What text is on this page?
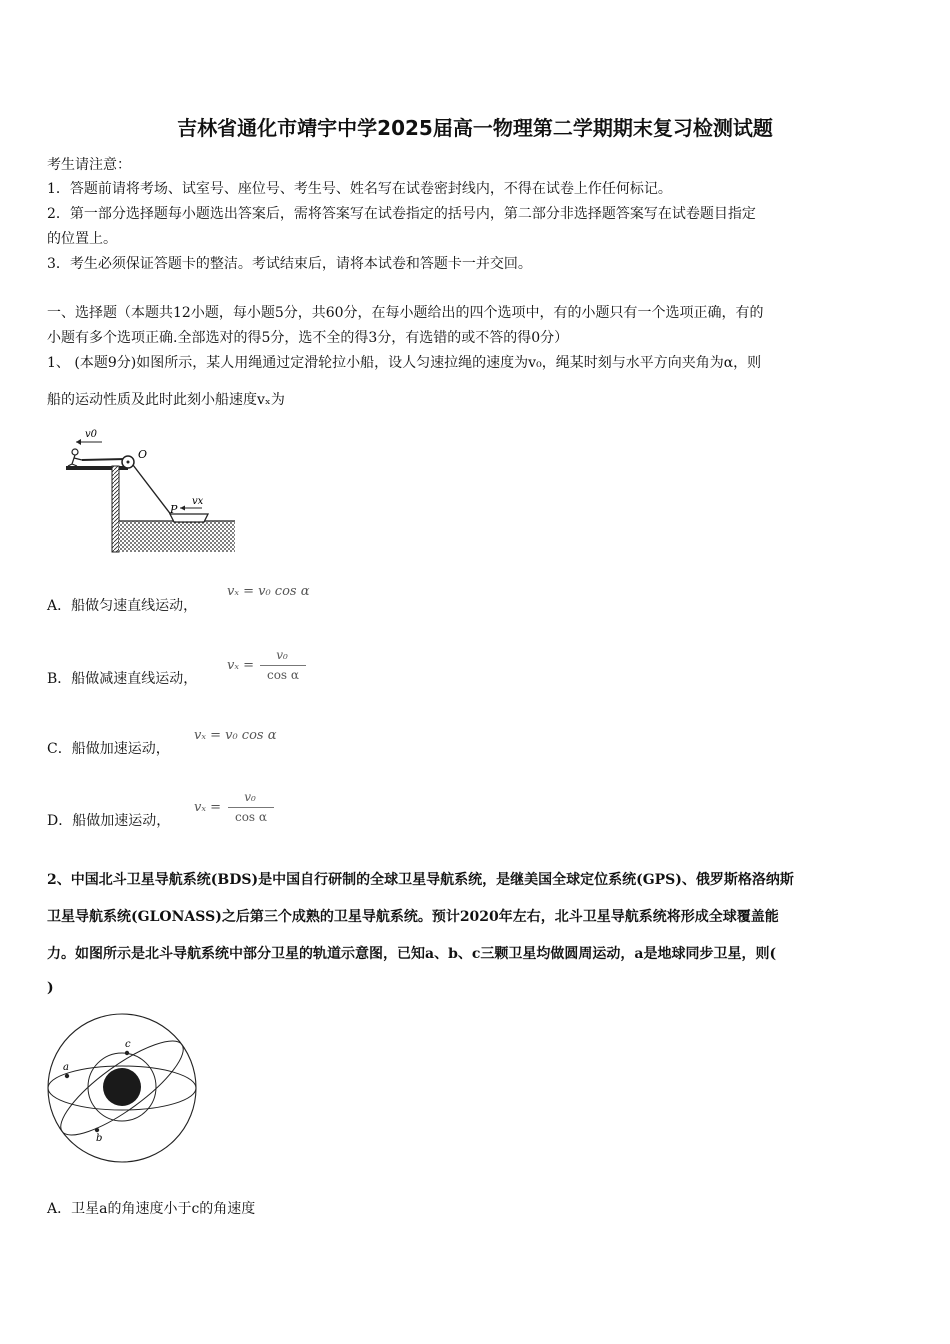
吉林省通化市靖宇中学2025届高一物理第二学期期末复习检测试题
考生请注意：
1．答题前请将考场、试室号、座位号、考生号、姓名写在试卷密封线内，不得在试卷上作任何标记。
2．第一部分选择题每小题选出答案后，需将答案写在试卷指定的括号内，第二部分非选择题答案写在试卷题目指定
的位置上。
3．考生必须保证答题卡的整洁。考试结束后，请将本试卷和答题卡一并交回。
一、选择题（本题共12小题，每小题5分，共60分，在每小题给出的四个选项中，有的小题只有一个选项正确，有的
小题有多个选项正确.全部选对的得5分，选不全的得3分，有选错的或不答的得0分）
1、 (本题9分)如图所示，某人用绳通过定滑轮拉小船，设人匀速拉绳的速度为v₀，绳某时刻与水平方向夹角为α，则
船的运动性质及此时此刻小船速度vₓ为
v0
O
P
vx
A．船做匀速直线运动，
vₓ = v₀ cos α
B．船做减速直线运动，
vₓ =
v₀
cos α
C．船做加速运动，
vₓ = v₀ cos α
D．船做加速运动，
vₓ =
v₀
cos α
2、中国北斗卫星导航系统(BDS)是中国自行研制的全球卫星导航系统，是继美国全球定位系统(GPS)、俄罗斯格洛纳斯
卫星导航系统(GLONASS)之后第三个成熟的卫星导航系统。预计2020年左右，北斗卫星导航系统将形成全球覆盖能
力。如图所示是北斗导航系统中部分卫星的轨道示意图，已知a、b、c三颗卫星均做圆周运动，a是地球同步卫星，则(
)
a
b
c
A．卫星a的角速度小于c的角速度
